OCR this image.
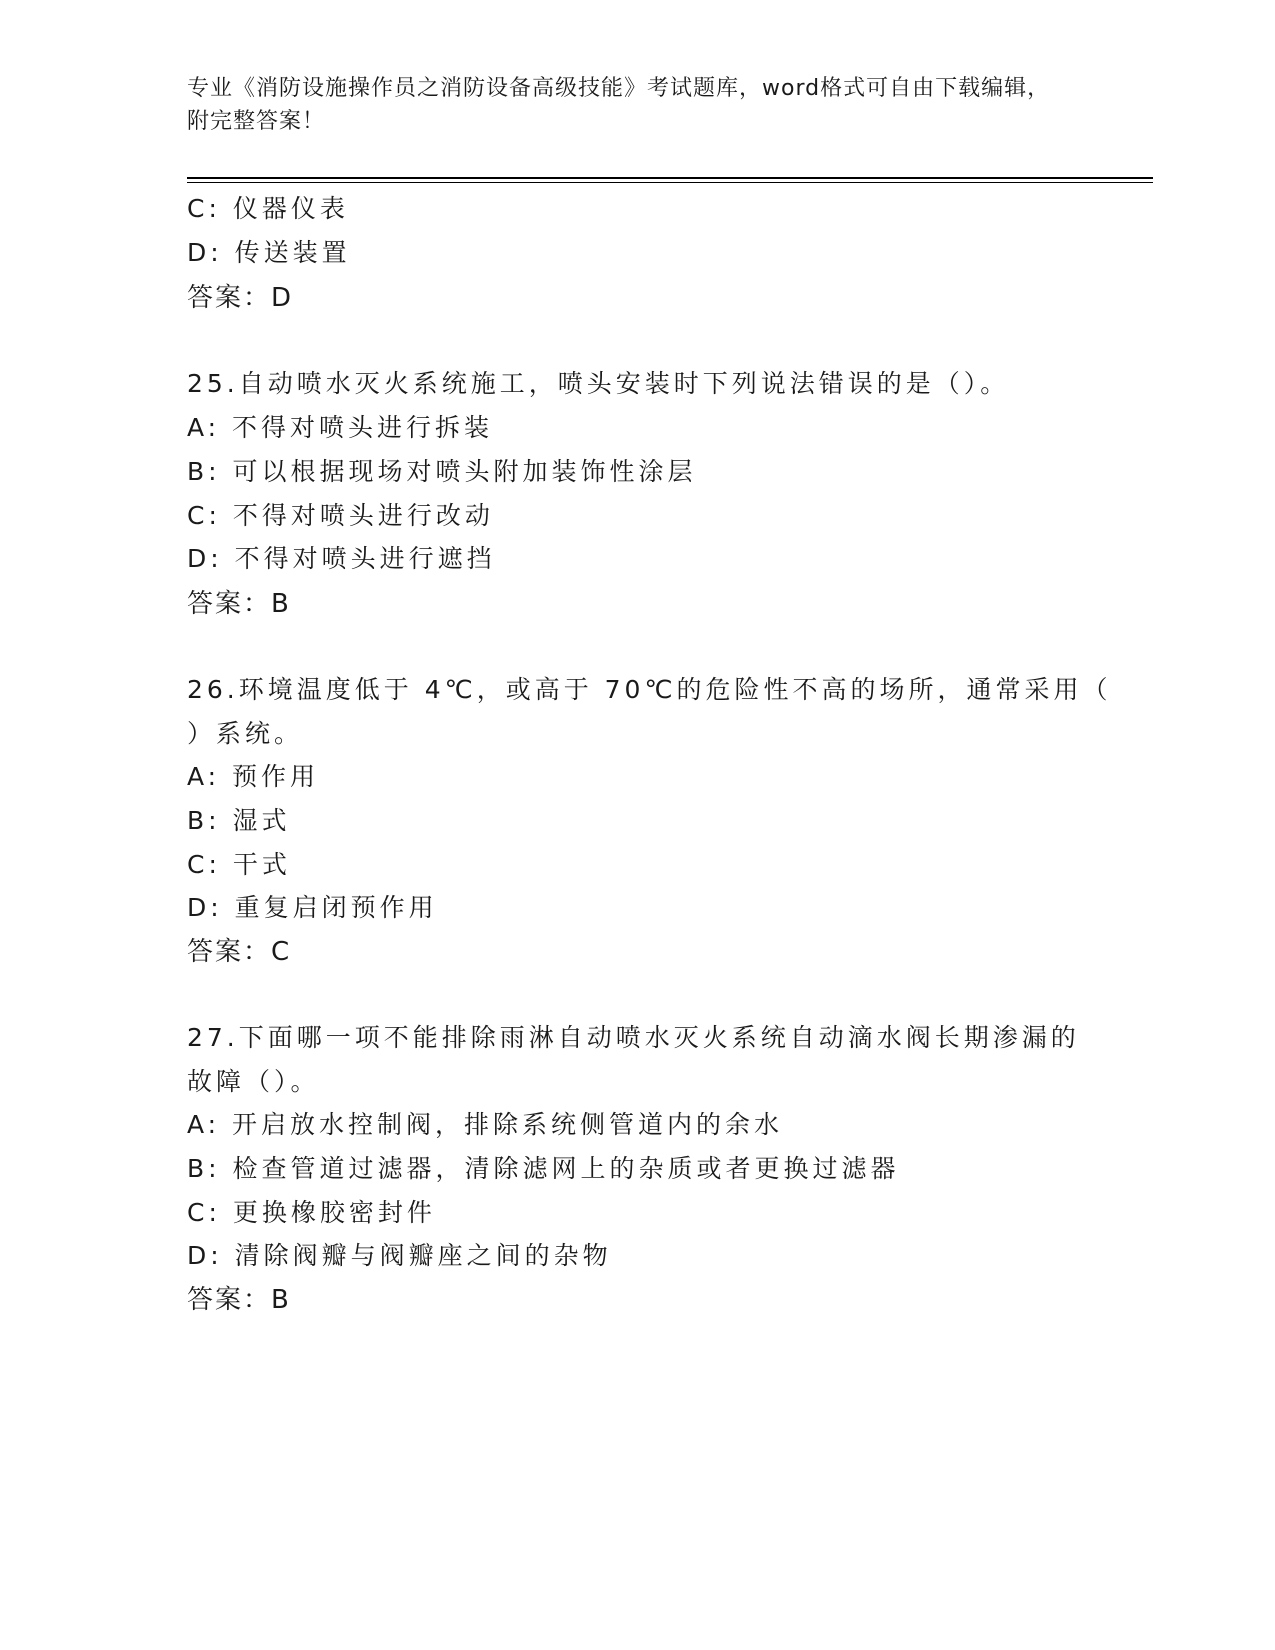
专业《消防设施操作员之消防设备高级技能》考试题库，word格式可自由下载编辑，附完整答案！
C: 仪器仪表
D: 传送装置
答案：D
25.自动喷水灭火系统施工，喷头安装时下列说法错误的是（）。
A: 不得对喷头进行拆装
B: 可以根据现场对喷头附加装饰性涂层
C: 不得对喷头进行改动
D: 不得对喷头进行遮挡
答案：B
26.环境温度低于 4℃，或高于 70℃的危险性不高的场所，通常采用（
）系统。
A: 预作用
B: 湿式
C: 干式
D: 重复启闭预作用
答案：C
27.下面哪一项不能排除雨淋自动喷水灭火系统自动滴水阀长期渗漏的
故障（）。
A: 开启放水控制阀，排除系统侧管道内的余水
B: 检查管道过滤器，清除滤网上的杂质或者更换过滤器
C: 更换橡胶密封件
D: 清除阀瓣与阀瓣座之间的杂物
答案：B
